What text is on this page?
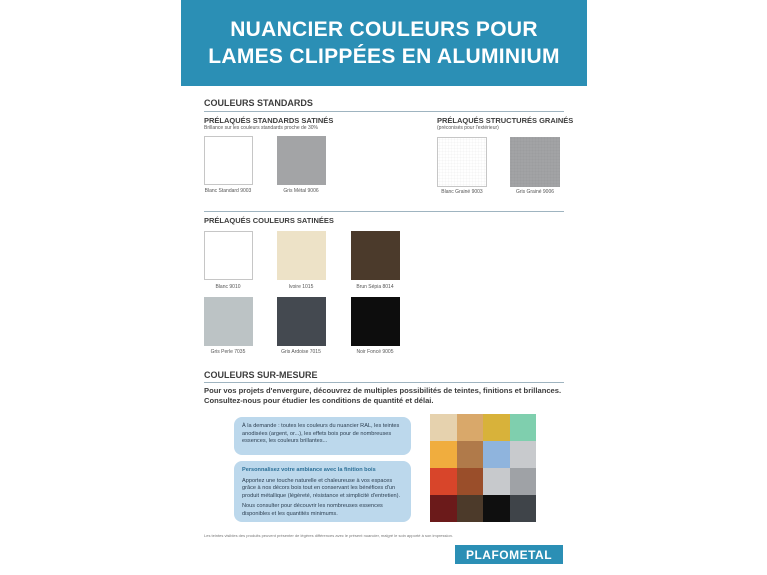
NUANCIER COULEURS POUR
LAMES CLIPPÉES EN ALUMINIUM
COULEURS STANDARDS
PRÉLAQUÉS STANDARDS SATINÉS
Brillance sur les couleurs standards proche de 30%
PRÉLAQUÉS STRUCTURÉS GRAINÉS
(préconisés pour l'extérieur)
Blanc Standard 9003	Gris Métal 9006	Blanc Grainé 9003	Gris Grainé 9006
PRÉLAQUÉS COULEURS SATINÉES
Blanc 9010	Ivoire 1015	Brun Sépia 8014
Gris Perle 7035	Gris Ardoise 7015	Noir Foncé 9005
COULEURS SUR-MESURE
Pour vos projets d'envergure, découvrez de multiples possibilités de teintes, finitions et brillances. Consultez-nous pour étudier les conditions de quantité et délai.
À la demande : toutes les couleurs du nuancier RAL, les teintes anodisées (argent, or...), les effets bois pour de nombreuses essences, les couleurs brillantes...
Personnalisez votre ambiance avec la finition bois

Apportez une touche naturelle et chaleureuse à vos espaces grâce à nos décors bois tout en conservant les bénéfices d'un produit métallique (légèreté, résistance et simplicité d'entretien).

Nous consulter pour découvrir les nombreuses essences disponibles et les quantités minimums.

Les teintes visibles des produits peuvent présenter de légères différences avec le présent nuancier, malgré le soin apporté à son impression.
PLAFOMETAL
